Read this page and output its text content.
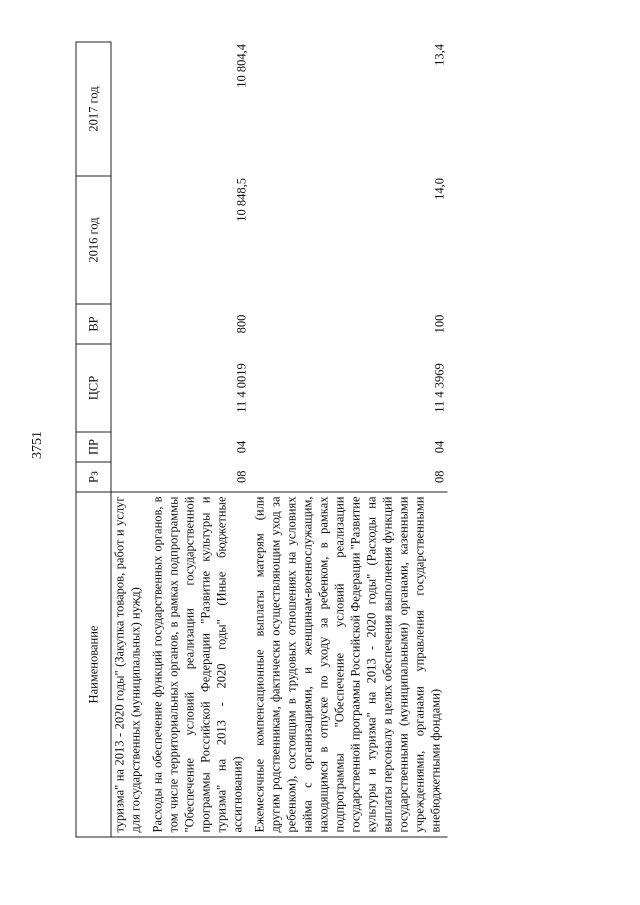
3751
Наименование	Рз	ПР	ЦСР	ВР	2016 год	2017 год
туризма" на 2013 - 2020 годы" (Закупка товаров, работ и услуг для государственных (муниципальных) нужд)						
Расходы на обеспечение функций государственных органов, в том числе территориальных органов, в рамках подпрограммы "Обеспечение условий реализации государственной программы Российской Федерации "Развитие культуры и туризма" на 2013 - 2020 годы" (Иные бюджетные ассигнования)	08	04	11 4 0019	800	10 848,5	10 804,4
Ежемесячные компенсационные выплаты матерям (или другим родственникам, фактически осуществляющим уход за ребенком), состоящим в трудовых отношениях на условиях найма с организациями, и женщинам-военнослужащим, находящимся в отпуске по уходу за ребенком, в рамках подпрограммы "Обеспечение условий реализации государственной программы Российской Федерации "Развитие культуры и туризма" на 2013 - 2020 годы" (Расходы на выплаты персоналу в целях обеспечения выполнения функций государственными (муниципальными) органами, казенными учреждениями, органами управления государственными внебюджетными фондами)	08	04	11 4 3969	100	14,0	13,4
